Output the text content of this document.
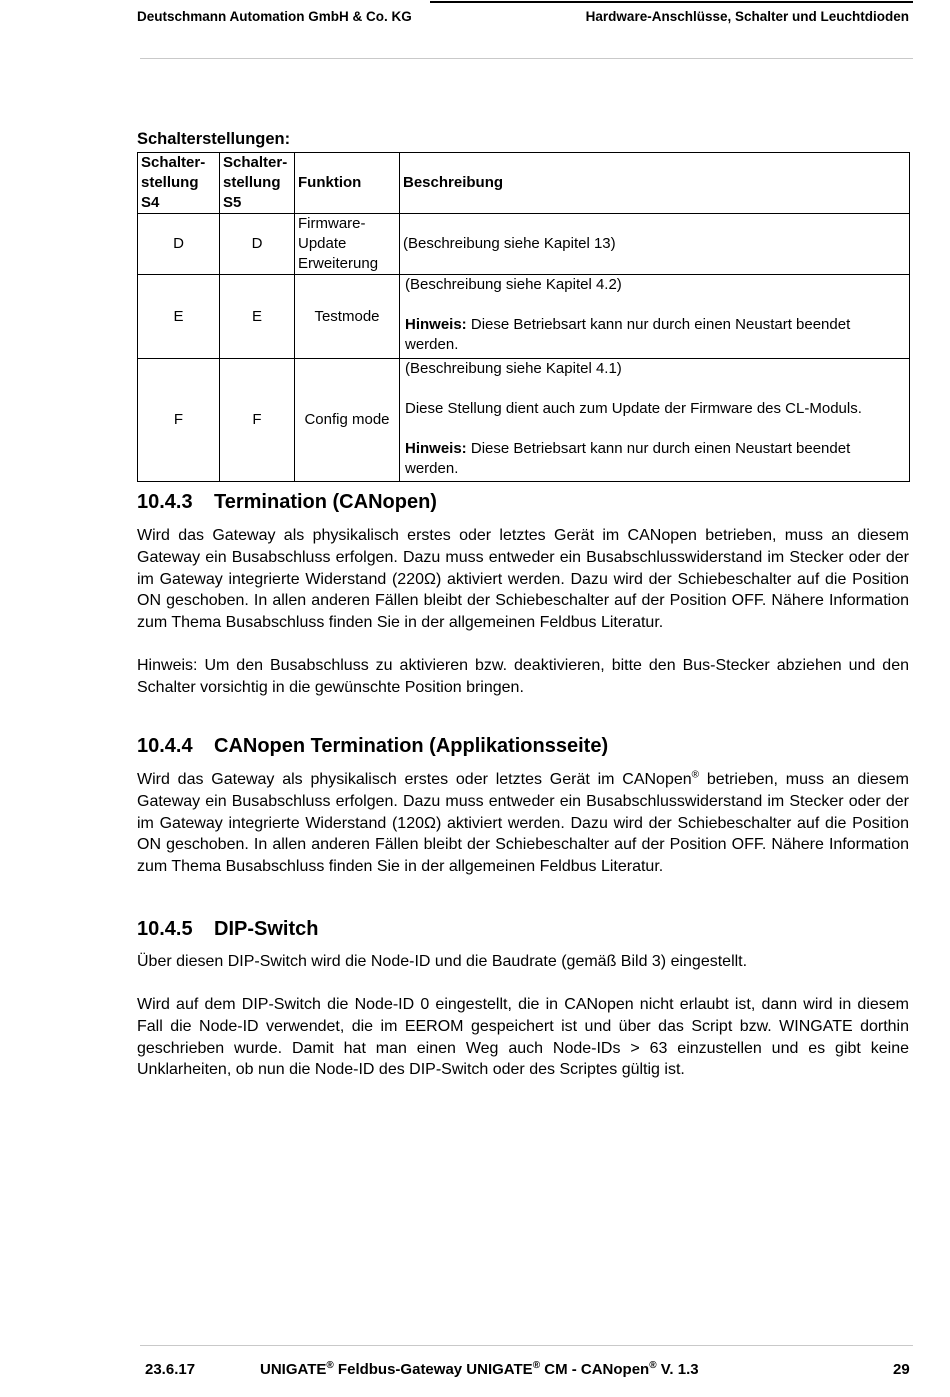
Deutschmann Automation GmbH & Co. KG	Hardware-Anschlüsse, Schalter und Leuchtdioden
Schalterstellungen:
Schalter- stellung S4	Schalter- stellung S5	Funktion	Beschreibung
D	D	Firmware- Update Erweiterung	(Beschreibung siehe Kapitel 13)

E	E	Testmode	(Beschreibung siehe Kapitel 4.2)

Hinweis: Diese Betriebsart kann nur durch einen Neustart beendet werden.

F	F	Config mode	(Beschreibung siehe Kapitel 4.1)

Diese Stellung dient auch zum Update der Firmware des CL-Moduls.

Hinweis: Diese Betriebsart kann nur durch einen Neustart beendet werden.

10.4.3 Termination (CANopen)

Wird das Gateway als physikalisch erstes oder letztes Gerät im CANopen betrieben, muss an diesem Gateway ein Busabschluss erfolgen. Dazu muss entweder ein Busabschlusswiderstand im Stecker oder der im Gateway integrierte Widerstand (220Ω) aktiviert werden. Dazu wird der Schiebeschalter auf die Position ON geschoben. In allen anderen Fällen bleibt der Schiebeschalter auf der Position OFF. Nähere Information zum Thema Busabschluss finden Sie in der allgemeinen Feldbus Literatur.

Hinweis: Um den Busabschluss zu aktivieren bzw. deaktivieren, bitte den Bus-Stecker abziehen und den Schalter vorsichtig in die gewünschte Position bringen.

10.4.4 CANopen Termination (Applikationsseite)

Wird das Gateway als physikalisch erstes oder letztes Gerät im CANopen® betrieben, muss an diesem Gateway ein Busabschluss erfolgen. Dazu muss entweder ein Busabschlusswiderstand im Stecker oder der im Gateway integrierte Widerstand (120Ω) aktiviert werden. Dazu wird der Schiebeschalter auf die Position ON geschoben. In allen anderen Fällen bleibt der Schiebeschalter auf der Position OFF. Nähere Information zum Thema Busabschluss finden Sie in der allgemeinen Feldbus Literatur.

10.4.5 DIP-Switch

Über diesen DIP-Switch wird die Node-ID und die Baudrate (gemäß Bild 3) eingestellt.

Wird auf dem DIP-Switch die Node-ID 0 eingestellt, die in CANopen nicht erlaubt ist, dann wird in diesem Fall die Node-ID verwendet, die im EEROM gespeichert ist und über das Script bzw. WINGATE dorthin geschrieben wurde. Damit hat man einen Weg auch Node-IDs > 63 einzustellen und es gibt keine Unklarheiten, ob nun die Node-ID des DIP-Switch oder des Scriptes gültig ist.

23.6.17	UNIGATE® Feldbus-Gateway UNIGATE® CM - CANopen® V. 1.3	29
